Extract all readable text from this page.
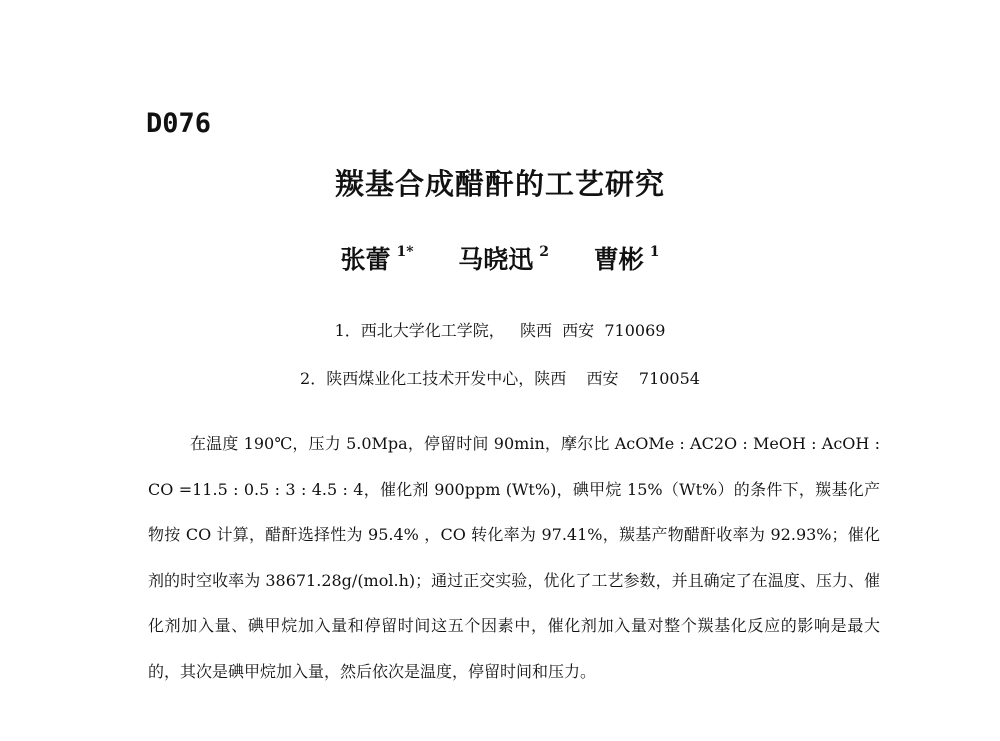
D076
羰基合成醋酐的工艺研究
张蕾 $^{1*}$ 马晓迅 $^2$ 曹彬 $^1$
1．西北大学化工学院，   陕西  西安  710069
2．陕西煤业化工技术开发中心，陕西    西安    710054

在温度 190℃，压力 5.0Mpa，停留时间 90min，摩尔比 AcOMe : AC2O : MeOH : AcOH : CO =11.5 : 0.5 : 3 : 4.5 : 4，催化剂 900ppm (Wt%)，碘甲烷 15%（Wt%）的条件下，羰基化产物按 CO 计算，醋酐选择性为 95.4% ，CO 转化率为 97.41%，羰基产物醋酐收率为 92.93%；催化剂的时空收率为 38671.28g/(mol.h)；通过正交实验，优化了工艺参数，并且确定了在温度、压力、催化剂加入量、碘甲烷加入量和停留时间这五个因素中，催化剂加入量对整个羰基化反应的影响是最大的，其次是碘甲烷加入量，然后依次是温度，停留时间和压力。
